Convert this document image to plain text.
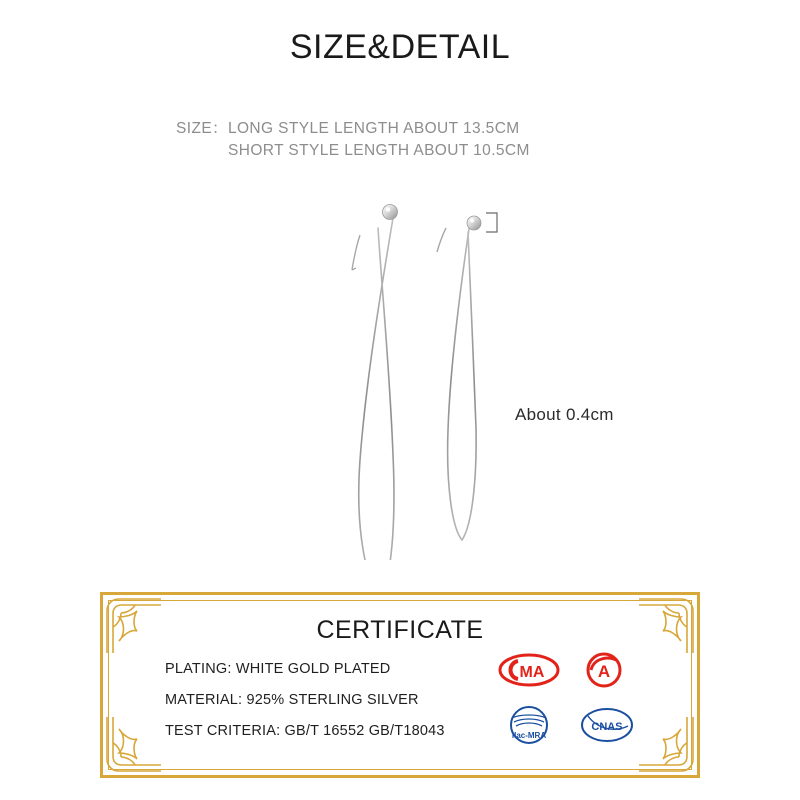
SIZE&DETAIL
SIZE：LONG STYLE LENGTH ABOUT 13.5CM
SHORT STYLE LENGTH ABOUT 10.5CM
About 0.4cm
CERTIFICATE
PLATING: WHITE GOLD PLATED
MATERIAL: 925% STERLING SILVER
TEST CRITERIA: GB/T 16552 GB/T18043
MA	A
ilac-MRA
CNAS
